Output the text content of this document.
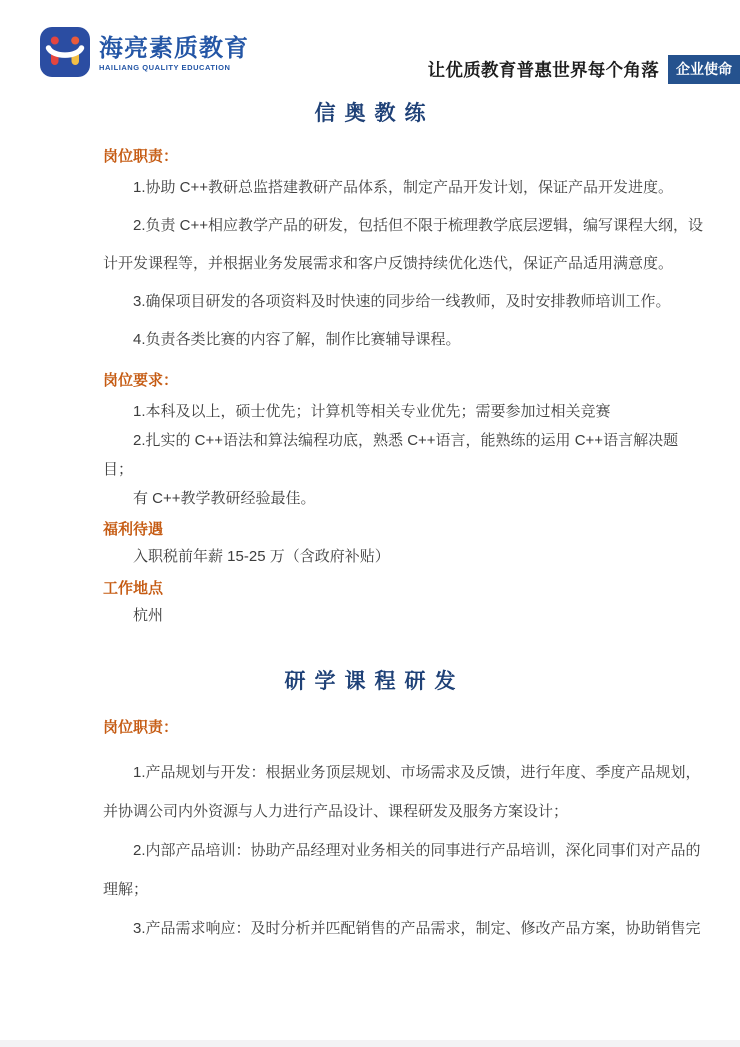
海亮素质教育
HAILIANG QUALITY EDUCATION	让优质教育普惠世界每个角落	企业使命
信奥教练
岗位职责：

1.协助 C++教研总监搭建教研产品体系，制定产品开发计划，保证产品开发进度。

2.负责 C++相应教学产品的研发，包括但不限于梳理教学底层逻辑，编写课程大纲，设计开发课程等，并根据业务发展需求和客户反馈持续优化迭代，保证产品适用满意度。

3.确保项目研发的各项资料及时快速的同步给一线教师，及时安排教师培训工作。

4.负责各类比赛的内容了解，制作比赛辅导课程。

岗位要求：

1.本科及以上，硕士优先；计算机等相关专业优先；需要参加过相关竞赛

2.扎实的 C++语法和算法编程功底，熟悉 C++语言，能熟练的运用 C++语言解决题目；

有 C++教学教研经验最佳。

福利待遇

入职税前年薪 15-25 万（含政府补贴）

工作地点

杭州

研学课程研发
岗位职责：

1.产品规划与开发：根据业务顶层规划、市场需求及反馈，进行年度、季度产品规划，并协调公司内外资源与人力进行产品设计、课程研发及服务方案设计；

2.内部产品培训：协助产品经理对业务相关的同事进行产品培训，深化同事们对产品的理解；

3.产品需求响应：及时分析并匹配销售的产品需求，制定、修改产品方案，协助销售完
